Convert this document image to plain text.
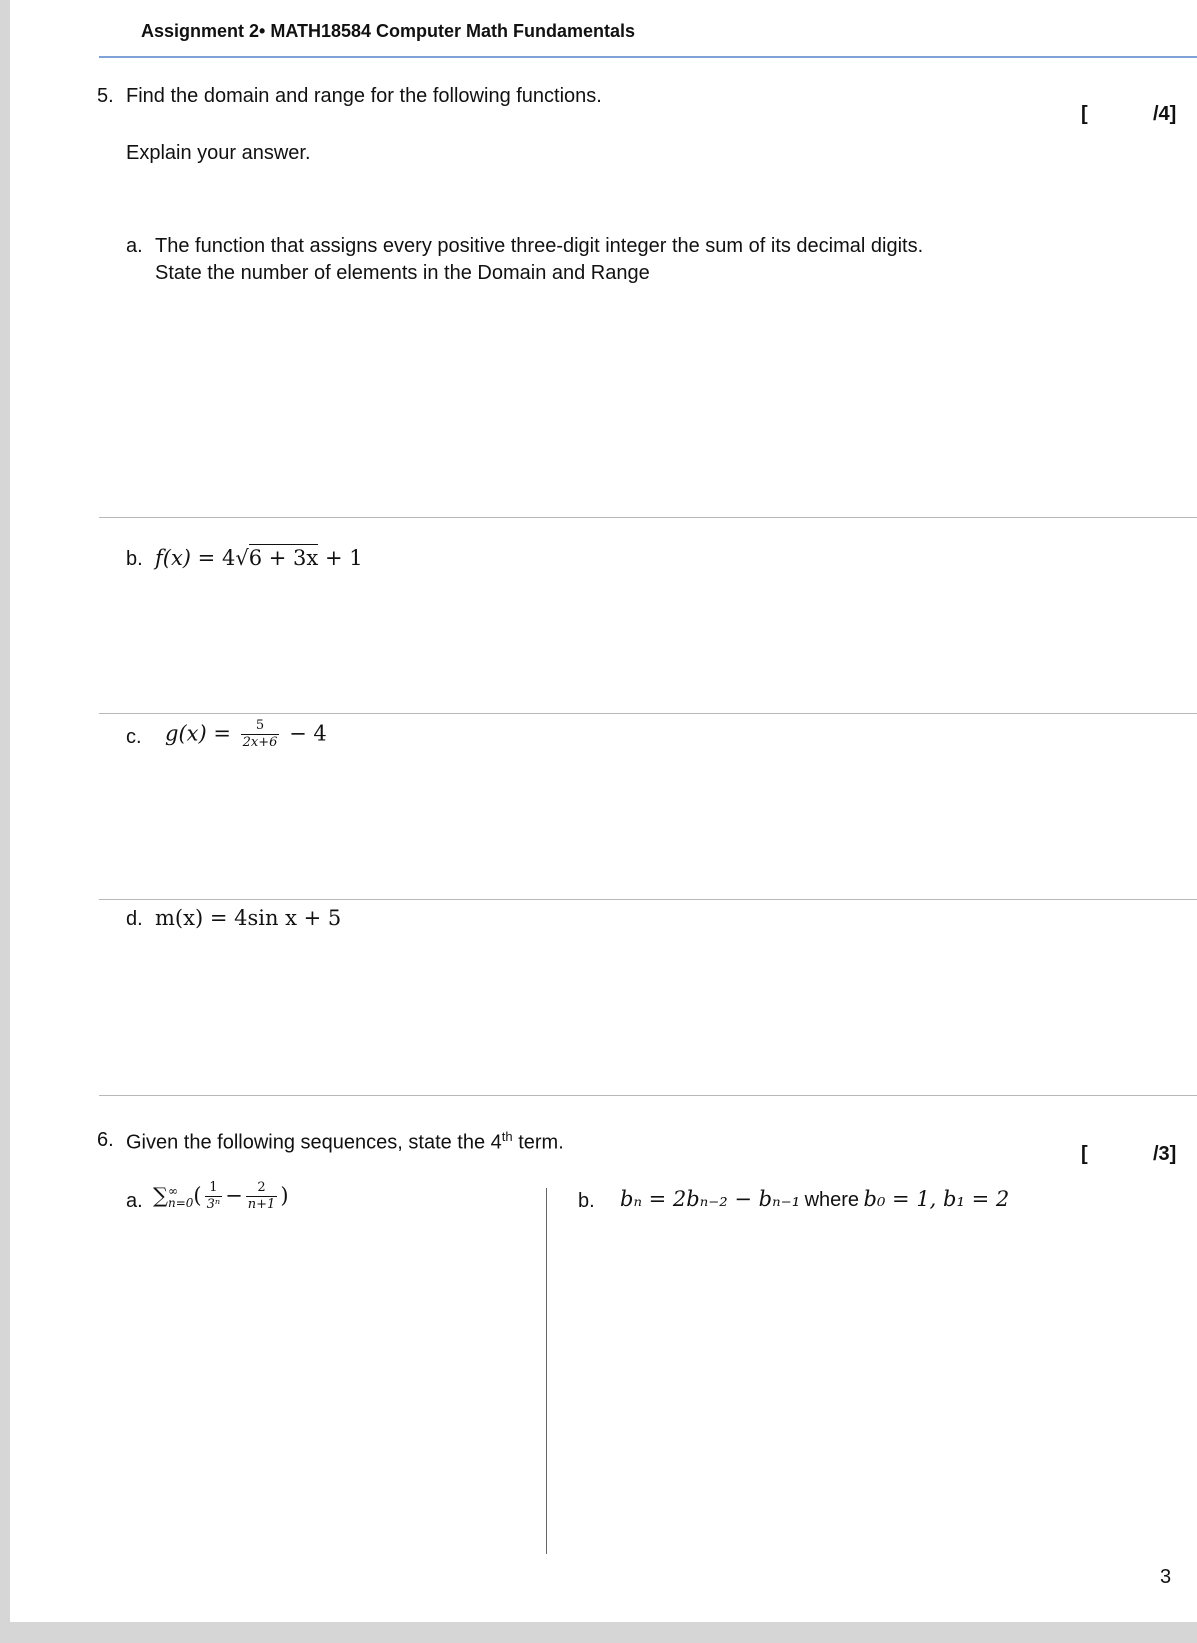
Assignment 2• MATH18584 Computer Math Fundamentals
5. Find the domain and range for the following functions.
[	/4]
Explain your answer.
a. The function that assigns every positive three-digit integer the sum of its decimal digits.
State the number of elements in the Domain and Range
b. f(x) = 4√6 + 3x + 1
c. $g(x) = \frac{5}{2x+6} - 4$
d. m(x) = 4sin x + 5
6. Given the following sequences, state the 4th term.
[	/3]
a. ∑ ∞
n=0 ( $\frac{1}{\text{3ⁿ}} - \frac{2}{n+1}$ )	b. bₙ = 2bₙ₋₂ − bₙ₋₁ where b₀ = 1, b₁ = 2
3
